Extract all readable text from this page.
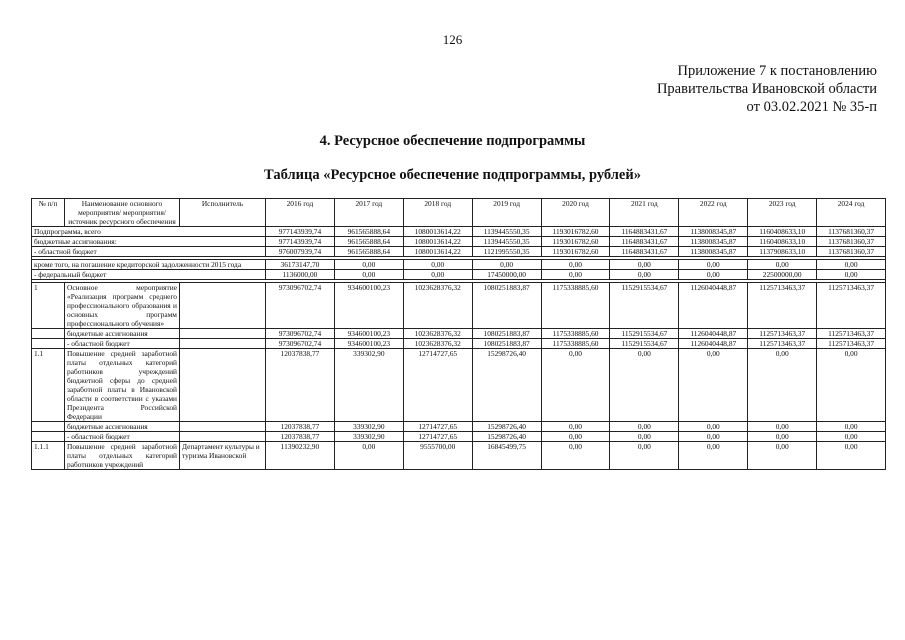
126
Приложение 7 к постановлению
Правительства Ивановской области
от 03.02.2021 № 35-п
4. Ресурсное обеспечение подпрограммы
Таблица «Ресурсное обеспечение подпрограммы, рублей»
№ п/п	Наименование основного мероприятия/ мероприятия/источник ресурсного обеспечения	Исполнитель	2016 год	2017 год	2018 год	2019 год	2020 год	2021 год	2022 год	2023 год	2024 год
Подпрограмма, всего			977143939,74	961565888,64	1080013614,22	1139445550,35	1193016782,60	1164883431,67	1138008345,87	1160408633,10	1137681360,37
бюджетные ассигнования:			977143939,74	961565888,64	1080013614,22	1139445550,35	1193016782,60	1164883431,67	1138008345,87	1160408633,10	1137681360,37
- областной бюджет			976007939,74	961565888,64	1080013614,22	1121995550,35	1193016782,60	1164883431,67	1138008345,87	1137908633,10	1137681360,37

кроме того, на погашение кредиторской задолженности 2015 года			36173147,70	0,00	0,00	0,00	0,00	0,00	0,00	0,00	0,00
- федеральный бюджет			1136000,00	0,00	0,00	17450000,00	0,00	0,00	0,00	22500000,00	0,00

1	Основное мероприятие «Реализация программ среднего профессионального образования и основных программ профессионального обучения»		973096702,74	934600100,23	1023628376,32	1080251883,87	1175338885,60	1152915534,67	1126040448,87	1125713463,37	1125713463,37
	бюджетные ассигнования		973096702,74	934600100,23	1023628376,32	1080251883,87	1175338885,60	1152915534,67	1126040448,87	1125713463,37	1125713463,37
	- областной бюджет		973096702,74	934600100,23	1023628376,32	1080251883,87	1175338885,60	1152915534,67	1126040448,87	1125713463,37	1125713463,37
1.1	Повышение средней заработной платы отдельных категорий работников учреждений бюджетной сферы до средней заработной платы в Ивановской области в соответствии с указами Президента Российской Федерации		12037838,77	339302,90	12714727,65	15298726,40	0,00	0,00	0,00	0,00	0,00
	бюджетные ассигнования		12037838,77	339302,90	12714727,65	15298726,40	0,00	0,00	0,00	0,00	0,00
	- областной бюджет		12037838,77	339302,90	12714727,65	15298726,40	0,00	0,00	0,00	0,00	0,00
1.1.1	Повышение средней заработной платы отдельных категорий работников учреждений	Департамент культуры и туризма Ивановской	11390232,90	0,00	9555700,00	16845499,75	0,00	0,00	0,00	0,00	0,00
